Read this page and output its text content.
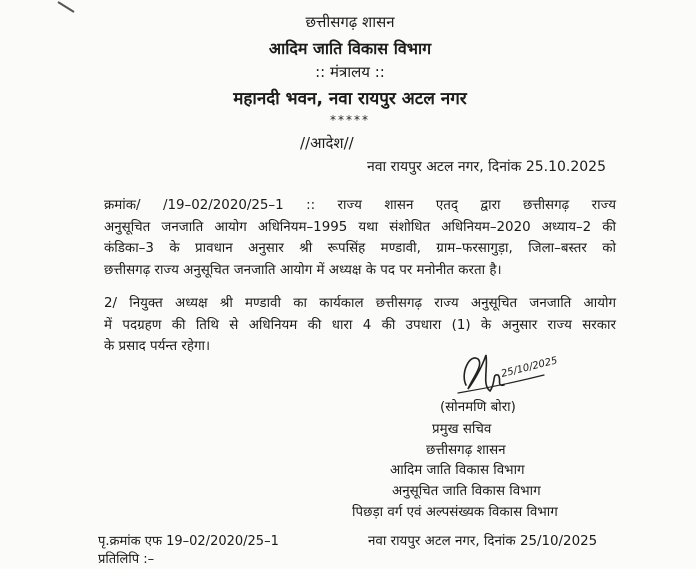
छत्तीसगढ़ शासन
आदिम जाति विकास विभाग
:: मंत्रालय ::
महानदी भवन, नवा रायपुर अटल नगर
*****
//आदेश//
नवा रायपुर अटल नगर, दिनांक 25.10.2025
क्रमांक/ /19–02/2020/25–1 :: राज्य शासन एतद् द्वारा छत्तीसगढ़ राज्य
अनुसूचित जनजाति आयोग अधिनियम–1995 यथा संशोधित अधिनियम–2020 अध्याय–2 की
कंडिका–3 के प्रावधान अनुसार श्री रूपसिंह मण्डावी, ग्राम–फरसागुड़ा, जिला–बस्तर को
छत्तीसगढ़ राज्य अनुसूचित जनजाति आयोग में अध्यक्ष के पद पर मनोनीत करता है।
2/ नियुक्त अध्यक्ष श्री मण्डावी का कार्यकाल छत्तीसगढ़ राज्य अनुसूचित जनजाति आयोग
में पदग्रहण की तिथि से अधिनियम की धारा 4 की उपधारा (1) के अनुसार राज्य सरकार
के प्रसाद पर्यन्त रहेगा।
25/10/2025
(सोनमणि बोरा)
प्रमुख सचिव
छत्तीसगढ़ शासन
आदिम जाति विकास विभाग
अनुसूचित जाति विकास विभाग
पिछड़ा वर्ग एवं अल्पसंख्यक विकास विभाग
पृ.क्रमांक एफ 19–02/2020/25–1	नवा रायपुर अटल नगर, दिनांक 25/10/2025
प्रतिलिपि :–
